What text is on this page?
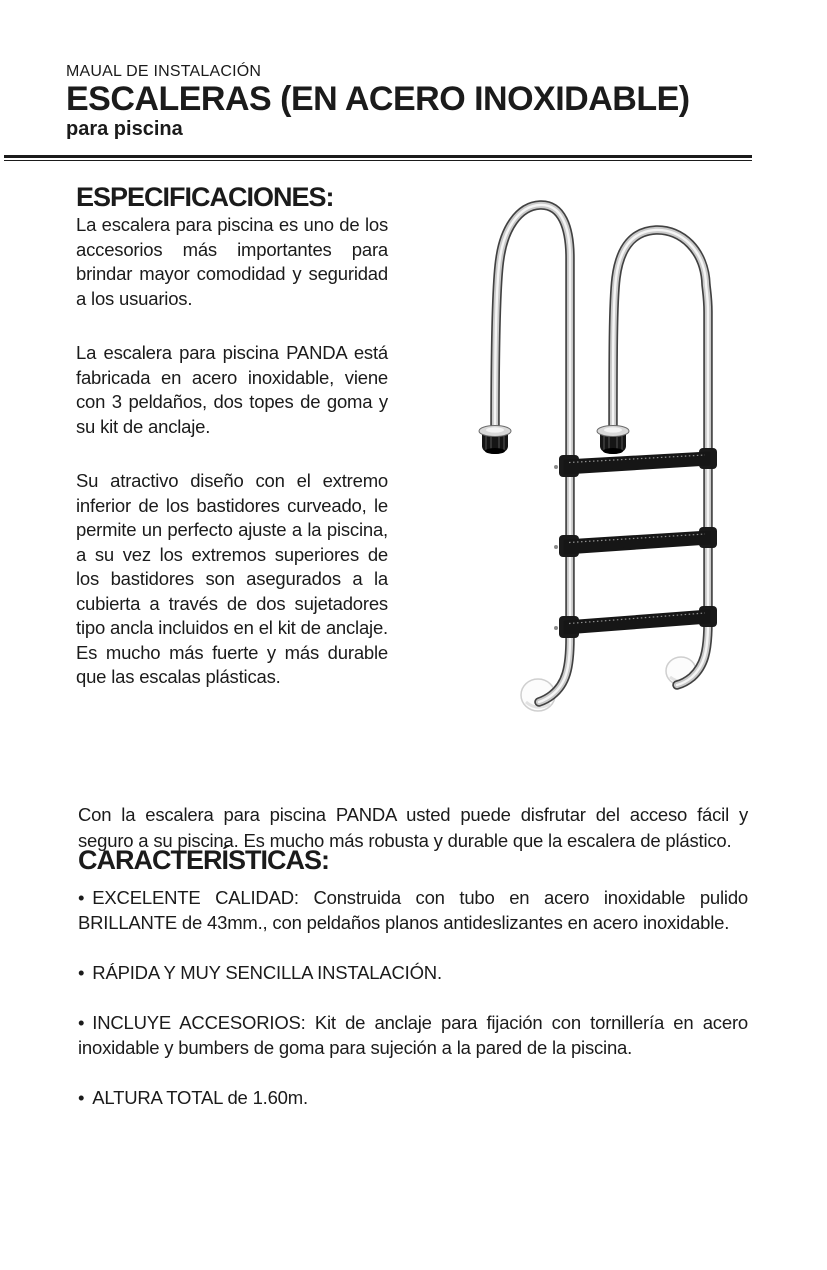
MAUAL DE INSTALACIÓN
ESCALERAS (EN ACERO INOXIDABLE)
para piscina
ESPECIFICACIONES:

La escalera para piscina es uno de los accesorios más importantes para brindar mayor comodidad y seguridad a los usuarios.

La escalera para piscina PANDA está fabricada en acero inoxidable, viene con 3 peldaños, dos topes de goma y su kit de anclaje.

Su atractivo diseño con el extremo inferior de los bastidores curveado, le permite un perfecto ajuste a la piscina, a su vez los extremos superiores de los bastidores son asegurados a la cubierta a través de dos sujetadores tipo ancla incluidos en el kit de anclaje. Es mucho más fuerte y más durable que las escalas plásticas.

Con la escalera para piscina PANDA usted puede disfrutar del acceso fácil y seguro a su piscina. Es mucho más robusta y durable que la escalera de plástico.

CARACTERÍSTICAS:
• EXCELENTE CALIDAD: Construida con tubo en acero inoxidable pulido BRILLANTE de 43mm., con peldaños planos antideslizantes en acero inoxidable.
• RÁPIDA Y MUY SENCILLA INSTALACIÓN.
• INCLUYE ACCESORIOS: Kit de anclaje para fijación con tornillería en acero inoxidable y bumbers de goma para sujeción a la pared de la piscina.
• ALTURA TOTAL de 1.60m.
